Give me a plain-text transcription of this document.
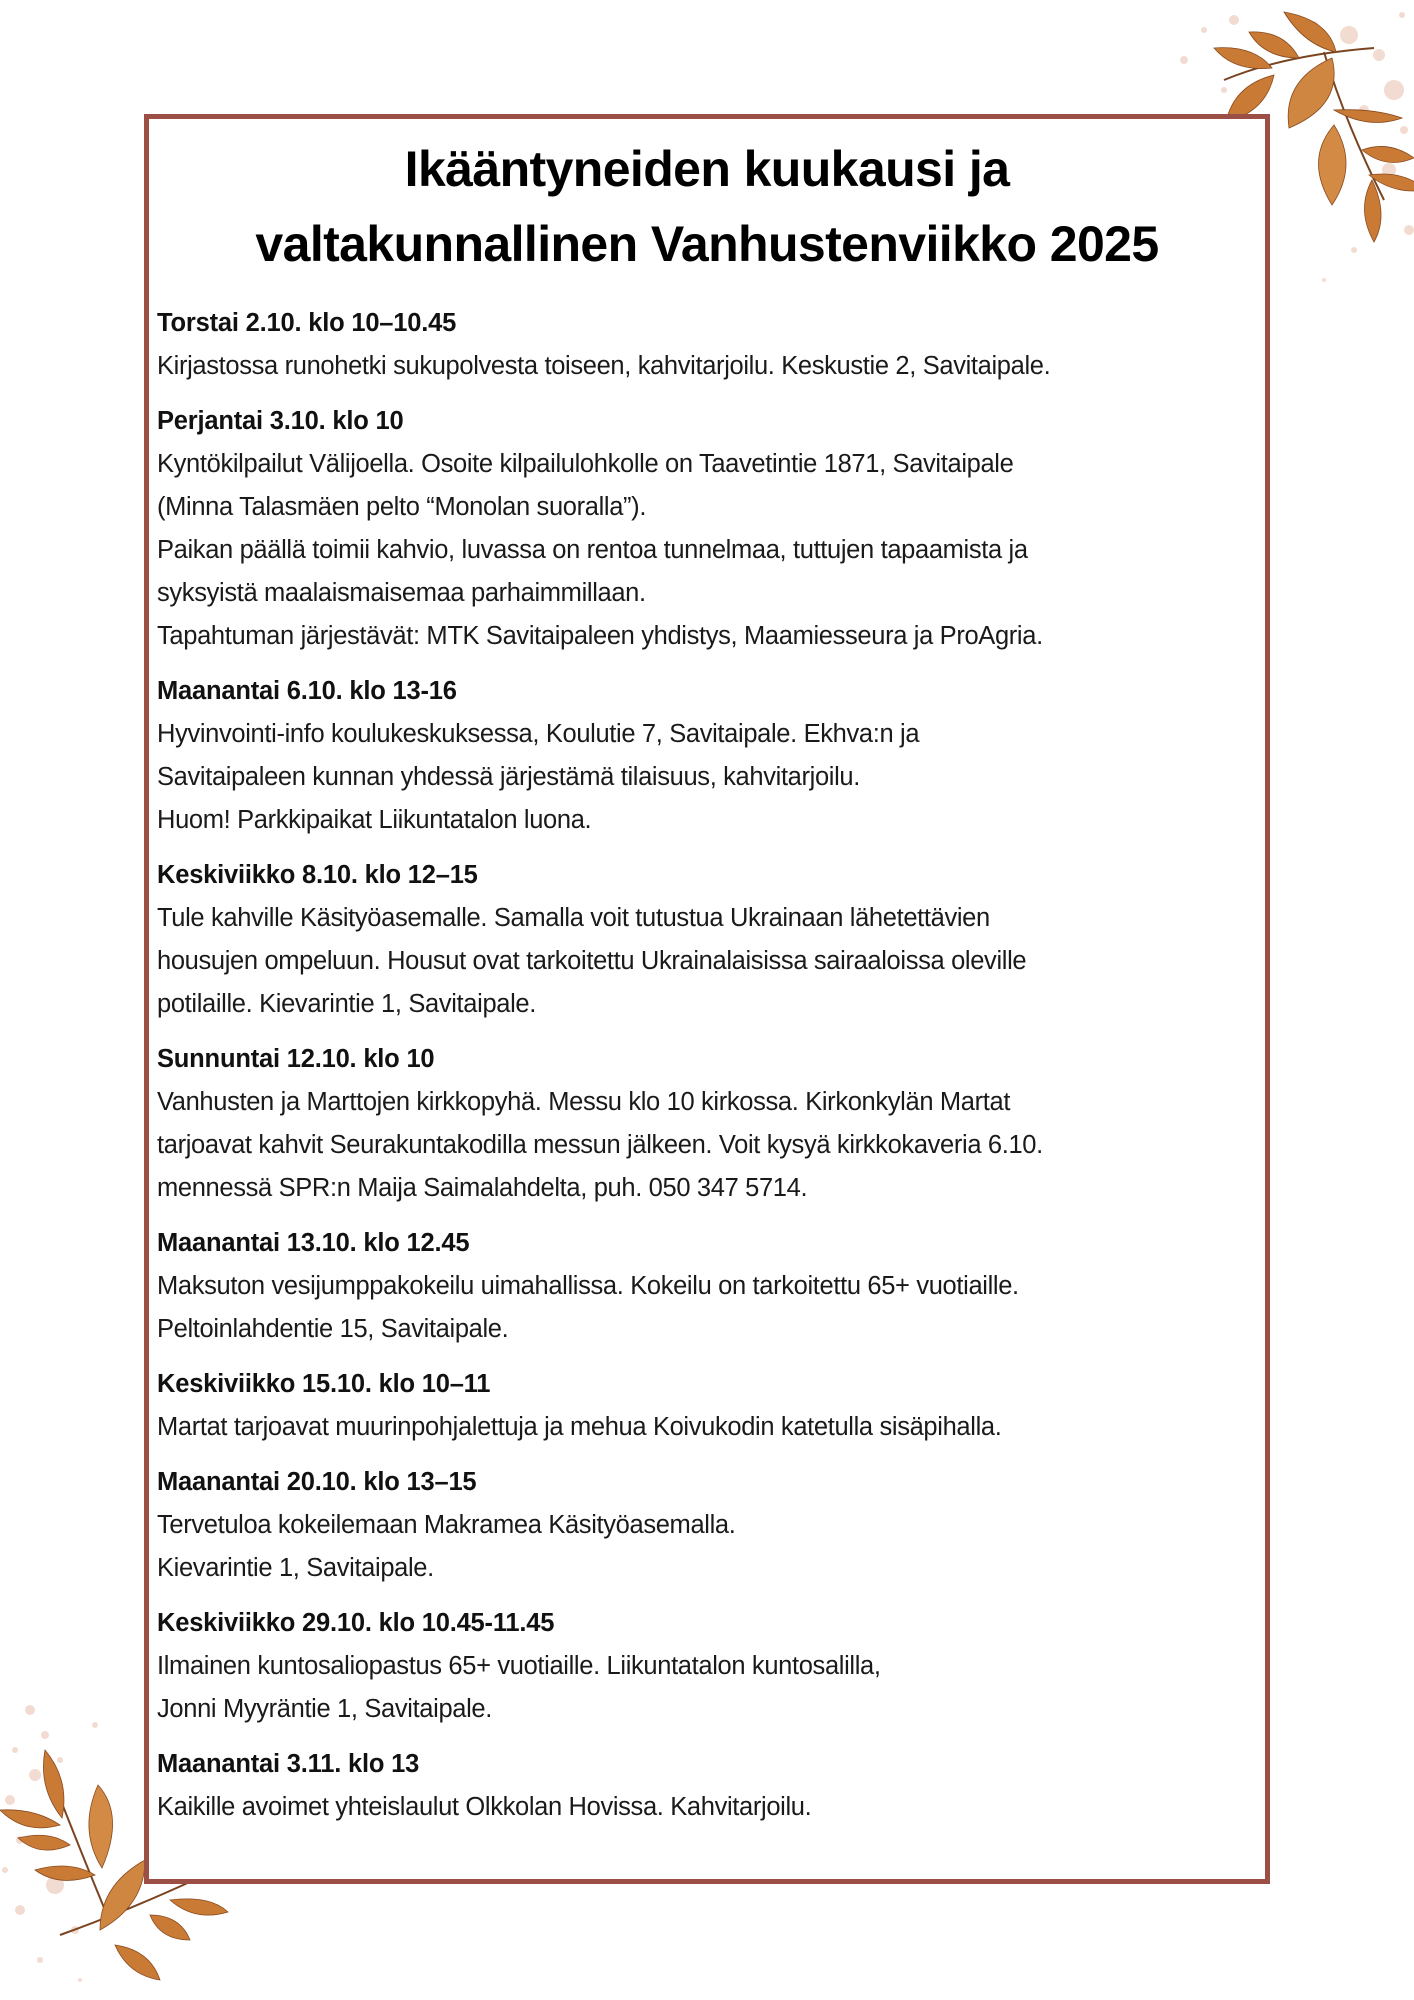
Ikääntyneiden kuukausi ja
valtakunnallinen Vanhustenviikko 2025
Torstai 2.10. klo 10–10.45
Kirjastossa runohetki sukupolvesta toiseen, kahvitarjoilu. Keskustie 2, Savitaipale.
Perjantai 3.10. klo 10
Kyntökilpailut Välijoella. Osoite kilpailulohkolle on Taavetintie 1871, Savitaipale
(Minna Talasmäen pelto “Monolan suoralla”).
Paikan päällä toimii kahvio, luvassa on rentoa tunnelmaa, tuttujen tapaamista ja
syksyistä maalaismaisemaa parhaimmillaan.
Tapahtuman järjestävät: MTK Savitaipaleen yhdistys, Maamiesseura ja ProAgria.
Maanantai 6.10. klo 13-16
Hyvinvointi-info koulukeskuksessa, Koulutie 7, Savitaipale. Ekhva:n ja
Savitaipaleen kunnan yhdessä järjestämä tilaisuus, kahvitarjoilu.
Huom! Parkkipaikat Liikuntatalon luona.
Keskiviikko 8.10. klo 12–15
Tule kahville Käsityöasemalle. Samalla voit tutustua Ukrainaan lähetettävien
housujen ompeluun. Housut ovat tarkoitettu Ukrainalaisissa sairaaloissa oleville
potilaille. Kievarintie 1, Savitaipale.
Sunnuntai 12.10. klo 10
Vanhusten ja Marttojen kirkkopyhä. Messu klo 10 kirkossa. Kirkonkylän Martat
tarjoavat kahvit Seurakuntakodilla messun jälkeen. Voit kysyä kirkkokaveria 6.10.
mennessä SPR:n Maija Saimalahdelta, puh. 050 347 5714.
Maanantai 13.10. klo 12.45
Maksuton vesijumppakokeilu uimahallissa. Kokeilu on tarkoitettu 65+ vuotiaille.
Peltoinlahdentie 15, Savitaipale.
Keskiviikko 15.10. klo 10–11
Martat tarjoavat muurinpohjalettuja ja mehua Koivukodin katetulla sisäpihalla.
Maanantai 20.10. klo 13–15
Tervetuloa kokeilemaan Makramea Käsityöasemalla.
Kievarintie 1, Savitaipale.
Keskiviikko 29.10. klo 10.45-11.45
Ilmainen kuntosaliopastus 65+ vuotiaille. Liikuntatalon kuntosalilla,
Jonni Myyräntie 1, Savitaipale.
Maanantai 3.11. klo 13
Kaikille avoimet yhteislaulut Olkkolan Hovissa. Kahvitarjoilu.
